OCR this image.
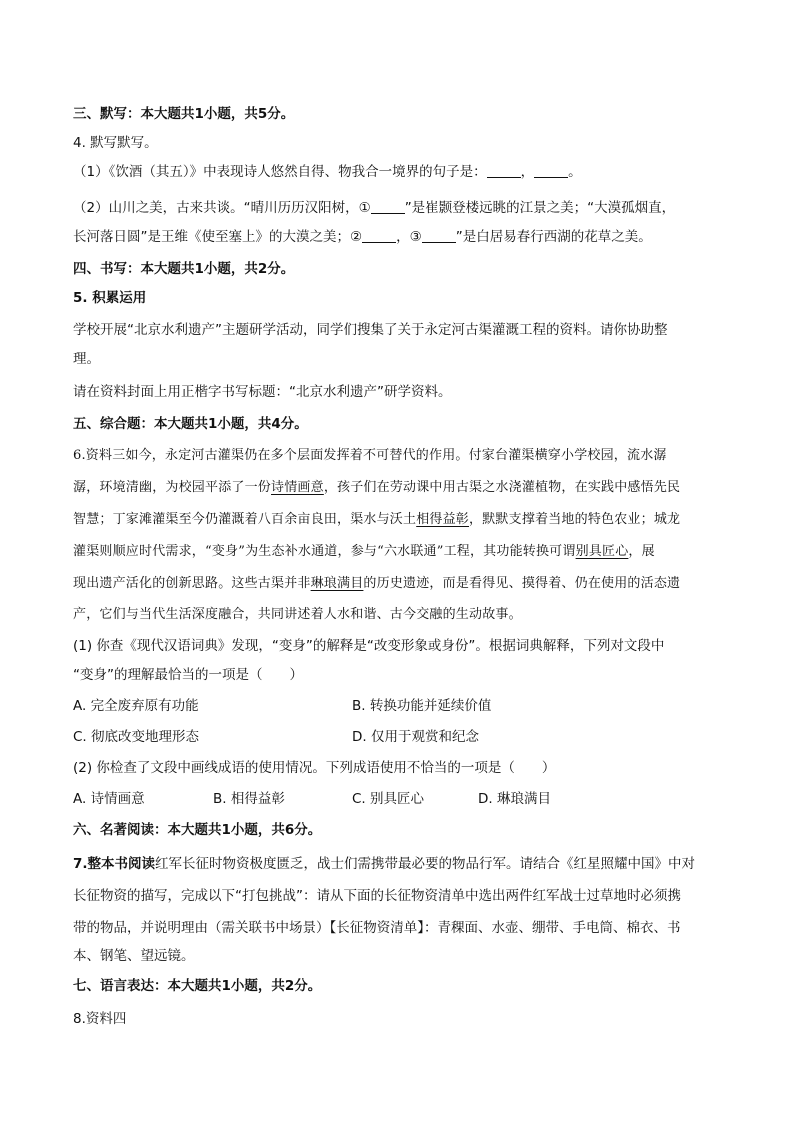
三、默写：本大题共1小题，共5分。
4. 默写默写。
（1）《饮酒（其五）》中表现诗人悠然自得、物我合一境界的句子是：	，	。
（2）山川之美，古来共谈。“晴川历历汉阳树，①	”是崔颢登楼远眺的江景之美；“大漠孤烟直，
长河落日圆”是王维《使至塞上》的大漠之美；②	，③	”是白居易春行西湖的花草之美。
四、书写：本大题共1小题，共2分。
5. 积累运用
学校开展“北京水利遗产”主题研学活动，同学们搜集了关于永定河古渠灌溉工程的资料。请你协助整
理。
请在资料封面上用正楷字书写标题：“北京水利遗产”研学资料。
五、综合题：本大题共1小题，共4分。
6.资料三如今，永定河古灌渠仍在多个层面发挥着不可替代的作用。付家台灌渠横穿小学校园，流水潺
潺，环境清幽，为校园平添了一份诗情画意，孩子们在劳动课中用古渠之水浇灌植物，在实践中感悟先民
智慧；丁家滩灌渠至今仍灌溉着八百余亩良田，渠水与沃土相得益彰，默默支撑着当地的特色农业；城龙
灌渠则顺应时代需求，“变身”为生态补水通道，参与“六水联通”工程，其功能转换可谓别具匠心，展
现出遗产活化的创新思路。这些古渠并非琳琅满目的历史遗迹，而是看得见、摸得着、仍在使用的活态遗
产，它们与当代生活深度融合，共同讲述着人水和谐、古今交融的生动故事。
(1) 你查《现代汉语词典》发现，“变身”的解释是“改变形象或身份”。根据词典解释，下列对文段中
“变身”的理解最恰当的一项是（　　）
A. 完全废弃原有功能	B. 转换功能并延续价值
C. 彻底改变地理形态	D. 仅用于观赏和纪念
(2) 你检查了文段中画线成语的使用情况。下列成语使用不恰当的一项是（　　）
A. 诗情画意	B. 相得益彰	C. 别具匠心	D. 琳琅满目
六、名著阅读：本大题共1小题，共6分。
7.整本书阅读红军长征时物资极度匮乏，战士们需携带最必要的物品行军。请结合《红星照耀中国》中对
长征物资的描写，完成以下“打包挑战”：请从下面的长征物资清单中选出两件红军战士过草地时必须携
带的物品，并说明理由（需关联书中场景）【长征物资清单】：青稞面、水壶、绷带、手电筒、棉衣、书
本、钢笔、望远镜。
七、语言表达：本大题共1小题，共2分。
8.资料四
